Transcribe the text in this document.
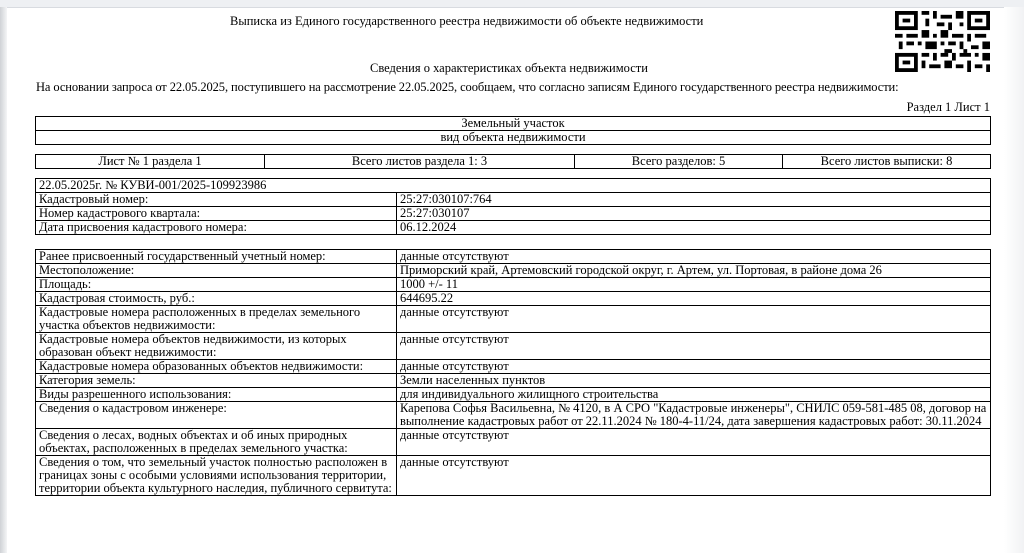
Выписка из Единого государственного реестра недвижимости об объекте недвижимости
Сведения о характеристиках объекта недвижимости
На основании запроса от 22.05.2025, поступившего на рассмотрение 22.05.2025, сообщаем, что согласно записям Единого государственного реестра недвижимости:
Раздел 1 Лист 1
Земельный участок
вид объекта недвижимости
Лист № 1 раздела 1	Всего листов раздела 1: 3	Всего разделов: 5	Всего листов выписки: 8
22.05.2025г. № КУВИ-001/2025-109923986	
Кадастровый номер:	25:27:030107:764
Номер кадастрового квартала:	25:27:030107
Дата присвоения кадастрового номера:	06.12.2024
Ранее присвоенный государственный учетный номер:	данные отсутствуют
Местоположение:	Приморский край, Артемовский городской округ, г. Артем, ул. Портовая, в районе дома 26
Площадь:	1000 +/- 11
Кадастровая стоимость, руб.:	644695.22
Кадастровые номера расположенных в пределах земельного участка объектов недвижимости:	данные отсутствуют
Кадастровые номера объектов недвижимости, из которых образован объект недвижимости:	данные отсутствуют
Кадастровые номера образованных объектов недвижимости:	данные отсутствуют
Категория земель:	Земли населенных пунктов
Виды разрешенного использования:	для индивидуального жилищного строительства
Сведения о кадастровом инженере:	Карепова Софья Васильевна, № 4120, в А СРО "Кадастровые инженеры", СНИЛС 059-581-485 08, договор на выполнение кадастровых работ от 22.11.2024 № 180-4-11/24, дата завершения кадастровых работ: 30.11.2024
Сведения о лесах, водных объектах и об иных природных объектах, расположенных в пределах земельного участка:	данные отсутствуют
Сведения о том, что земельный участок полностью расположен в границах зоны с особыми условиями использования территории, территории объекта культурного наследия, публичного сервитута:	данные отсутствуют
